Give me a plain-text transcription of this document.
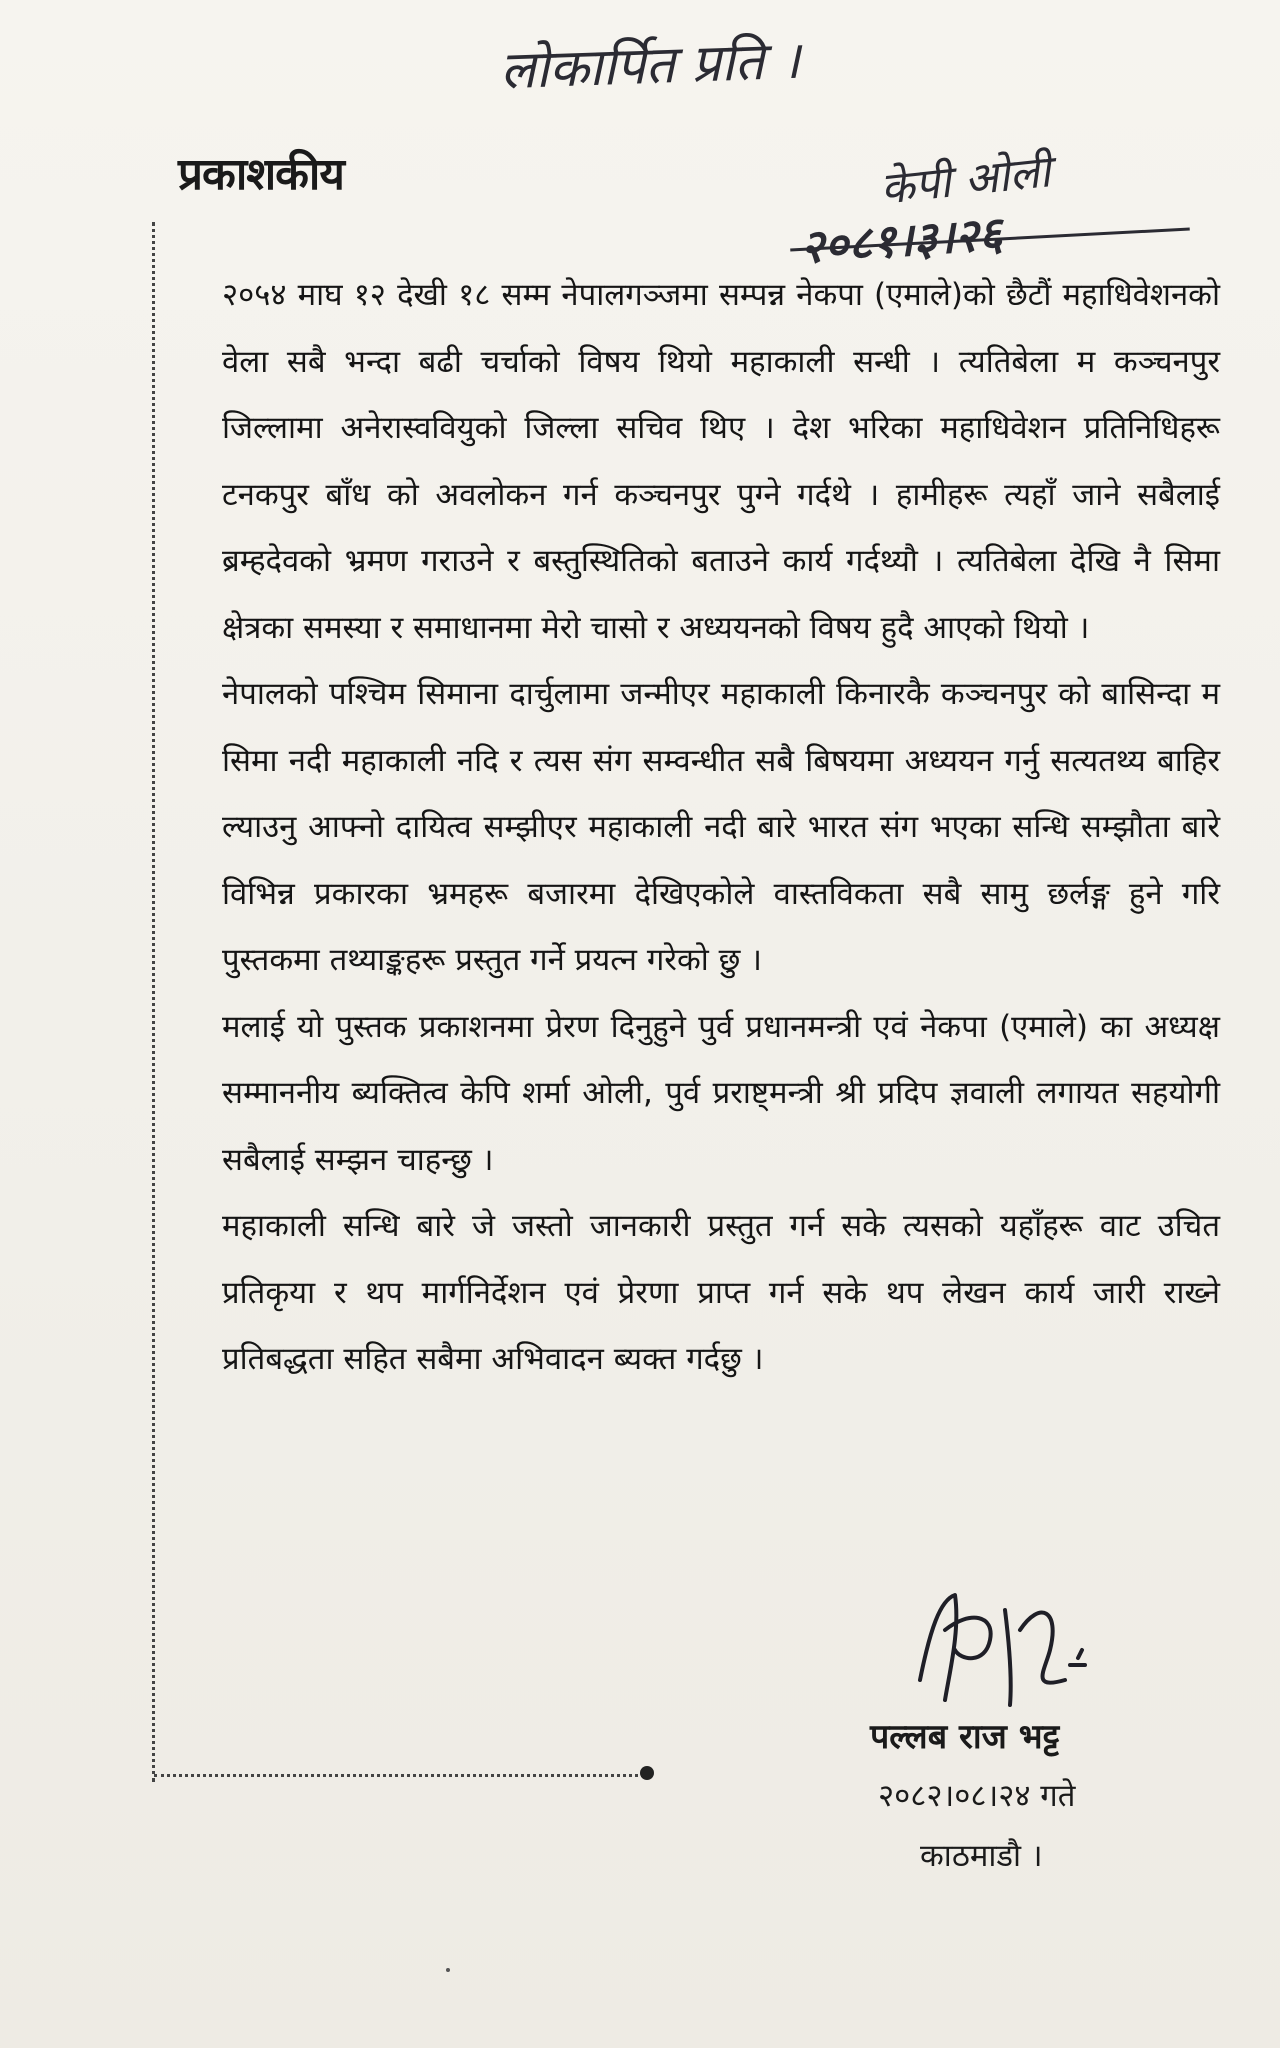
लोकार्पित प्रति ।
केपी ओली
२०८१।३।२६
प्रकाशकीय

२०५४ माघ १२ देखी १८ सम्म नेपालगञ्जमा सम्पन्न नेकपा (एमाले)को छैटौं महाधिवेशनको वेला सबै भन्दा बढी चर्चाको विषय थियो महाकाली सन्धी । त्यतिबेला म कञ्चनपुर जिल्लामा अनेरास्ववियुको जिल्ला सचिव थिए । देश भरिका महाधिवेशन प्रतिनिधिहरू टनकपुर बाँध को अवलोकन गर्न कञ्चनपुर पुग्ने गर्दथे । हामीहरू त्यहाँ जाने सबैलाई ब्रम्हदेवको भ्रमण गराउने र बस्तुस्थितिको बताउने कार्य गर्दथ्यौ । त्यतिबेला देखि नै सिमा क्षेत्रका समस्या र समाधानमा मेरो चासो र अध्ययनको विषय हुदै आएको थियो ।

नेपालको पश्चिम सिमाना दार्चुलामा जन्मीएर महाकाली किनारकै कञ्चनपुर को बासिन्दा म सिमा नदी महाकाली नदि र त्यस संग सम्वन्धीत सबै बिषयमा अध्ययन गर्नु सत्यतथ्य बाहिर ल्याउनु आफ्नो दायित्व सम्झीएर महाकाली नदी बारे भारत संग भएका सन्धि सम्झौता बारे विभिन्न प्रकारका भ्रमहरू बजारमा देखिएकोले वास्तविकता सबै सामु छर्लङ्ग हुने गरि पुस्तकमा तथ्याङ्कहरू प्रस्तुत गर्ने प्रयत्न गरेको छु ।

मलाई यो पुस्तक प्रकाशनमा प्रेरण दिनुहुने पुर्व प्रधानमन्त्री एवं नेकपा (एमाले) का अध्यक्ष सम्माननीय ब्यक्तित्व केपि शर्मा ओली, पुर्व प्रराष्ट्मन्त्री श्री प्रदिप ज्ञवाली लगायत सहयोगी सबैलाई सम्झन चाहन्छु ।

महाकाली सन्धि बारे जे जस्तो जानकारी प्रस्तुत गर्न सके त्यसको यहाँहरू वाट उचित प्रतिकृया र थप मार्गनिर्देशन एवं प्रेरणा प्राप्त गर्न सके थप लेखन कार्य जारी राख्ने प्रतिबद्धता सहित सबैमा अभिवादन ब्यक्त गर्दछु ।

पल्लब राज भट्ट
२०८२।०८।२४ गते
काठमाडौ ।
